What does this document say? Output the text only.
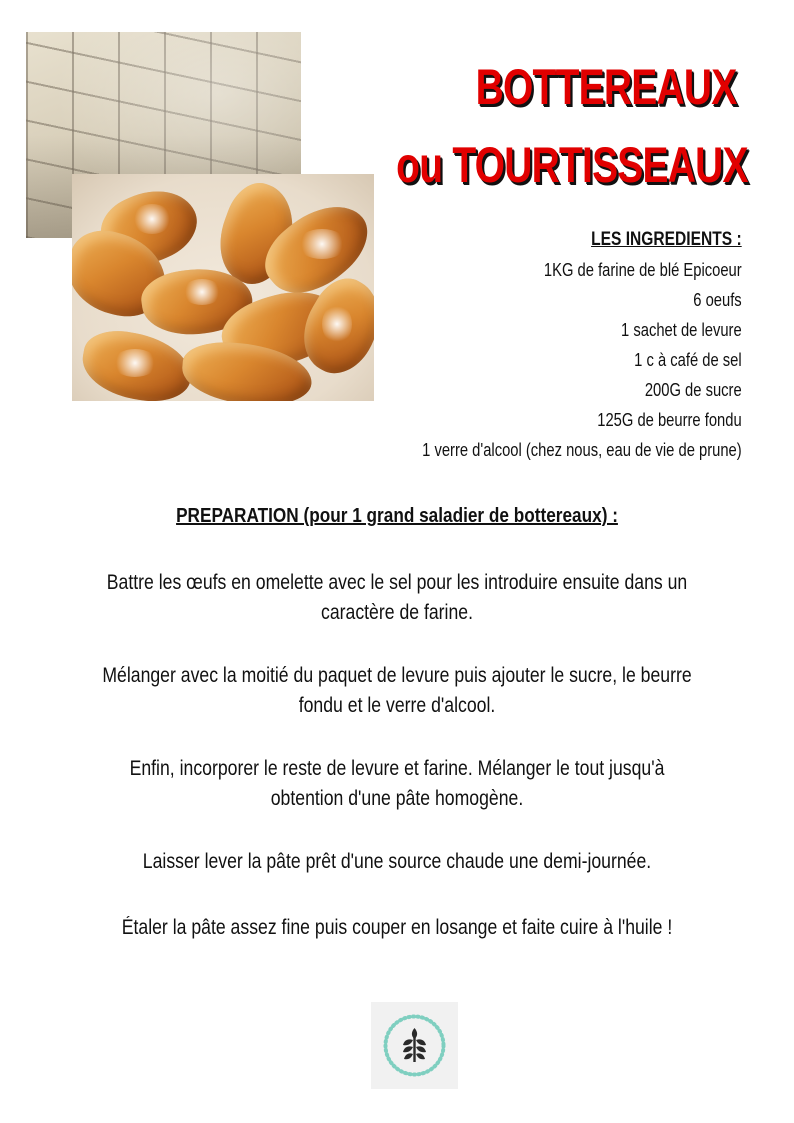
BOTTEREAUX
ou TOURTISSEAUX
LES INGREDIENTS :
1KG de farine de blé Epicoeur
6 oeufs
1 sachet de levure
1 c à café de sel
200G de sucre
125G de beurre fondu
1 verre d'alcool (chez nous, eau de vie de prune)
PREPARATION (pour 1 grand saladier de bottereaux) :
Battre les œufs en omelette avec le sel pour les introduire ensuite dans un caractère de farine.
Mélanger avec la moitié du paquet de levure puis ajouter le sucre, le beurre fondu et le verre d'alcool.
Enfin, incorporer le reste de levure et farine. Mélanger le tout jusqu'à obtention d'une pâte homogène.
Laisser lever la pâte prêt d'une source chaude une demi-journée.
Étaler la pâte assez fine puis couper en losange et faite cuire à l'huile !
